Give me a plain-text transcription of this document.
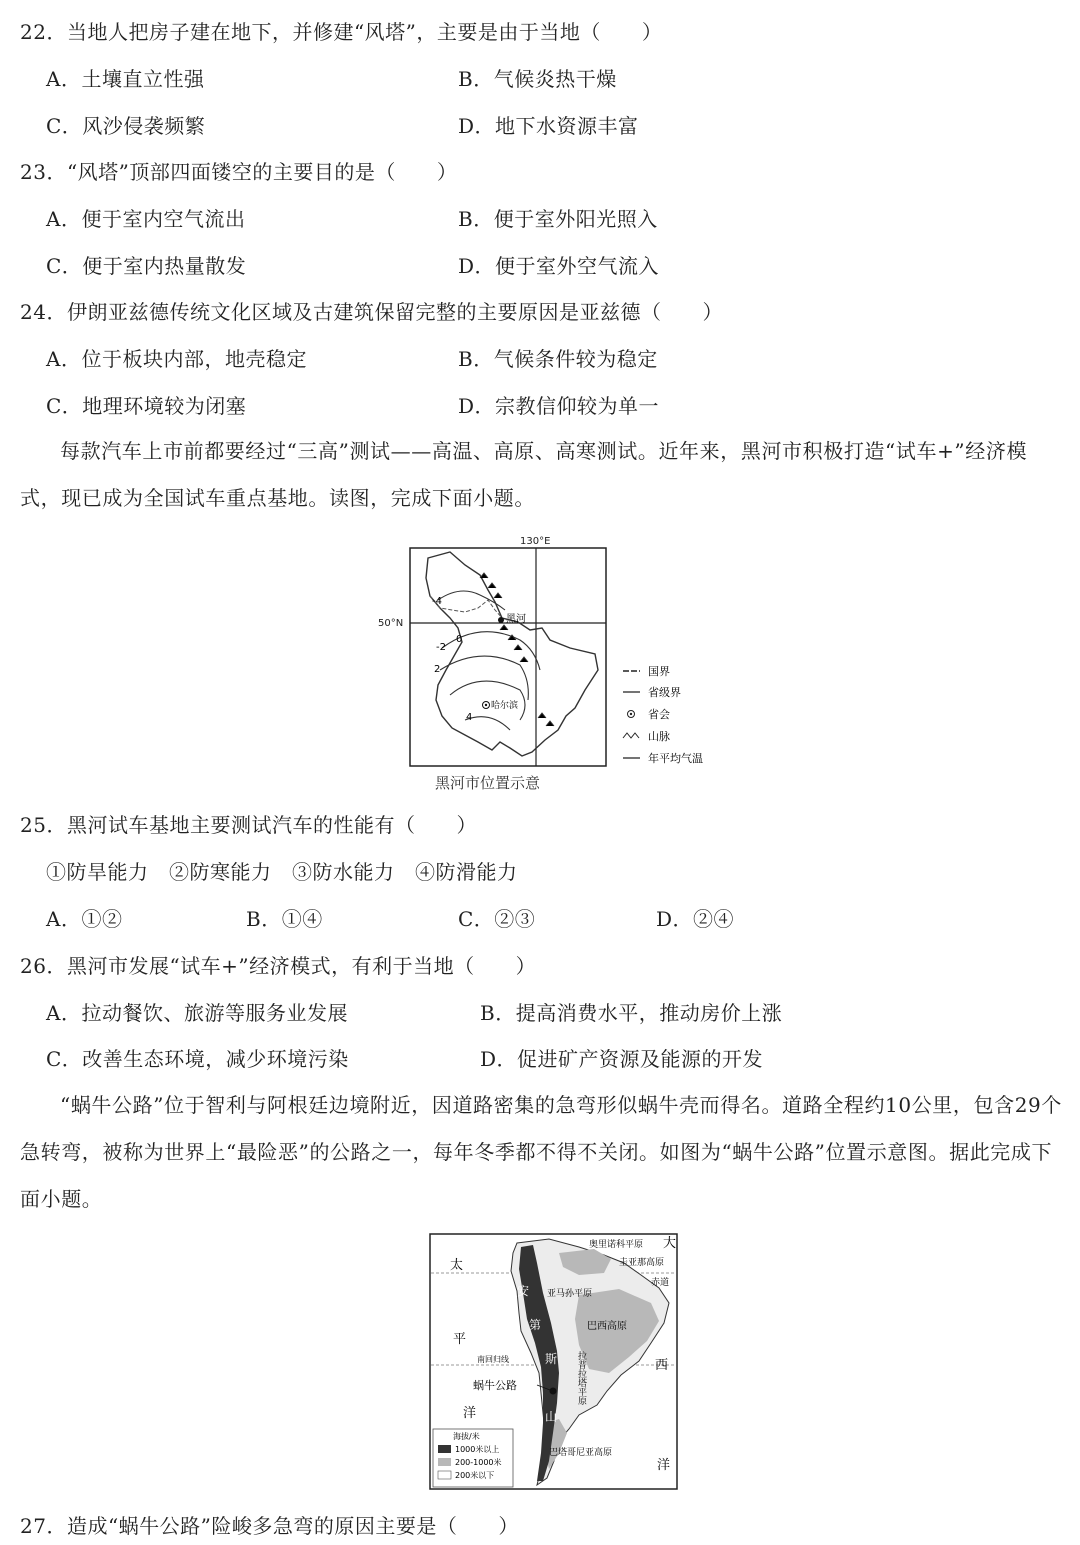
22．当地人把房子建在地下，并修建“风塔”，主要是由于当地（　　）
A．土壤直立性强	B．气候炎热干燥
C．风沙侵袭频繁	D．地下水资源丰富
23．“风塔”顶部四面镂空的主要目的是（　　）
A．便于室内空气流出	B．便于室外阳光照入
C．便于室内热量散发	D．便于室外空气流入
24．伊朗亚兹德传统文化区域及古建筑保留完整的主要原因是亚兹德（　　）
A．位于板块内部，地壳稳定	B．气候条件较为稳定
C．地理环境较为闭塞	D．宗教信仰较为单一
每款汽车上市前都要经过“三高”测试——高温、高原、高寒测试。近年来，黑河市积极打造“试车+”经济模式，现已成为全国试车重点基地。读图，完成下面小题。
130°E
50°N
-4
-2
0
2
4
黑河
哈尔滨
国界
省级界
省会
山脉
年平均气温
黑河市位置示意
25．黑河试车基地主要测试汽车的性能有（　　）
①防旱能力　②防寒能力　③防水能力　④防滑能力
A．①②	B．①④	C．②③	D．②④
26．黑河市发展“试车+”经济模式，有利于当地（　　）
A．拉动餐饮、旅游等服务业发展	B．提高消费水平，推动房价上涨
C．改善生态环境，减少环境污染	D．促进矿产资源及能源的开发
“蜗牛公路”位于智利与阿根廷边境附近，因道路密集的急弯形似蜗牛壳而得名。道路全程约10公里，包含29个急转弯，被称为世界上“最险恶”的公路之一，每年冬季都不得不关闭。如图为“蜗牛公路”位置示意图。据此完成下面小题。
奥里诺科平原
圭亚那高原
赤道
亚马孙平原
巴西高原
南回归线
蜗牛公路
巴塔哥尼亚高原
太
平
洋
大
西
洋
安
第
斯
山
拉普拉塔平原
海拔/米
1000米以上
200-1000米
200米以下
27．造成“蜗牛公路”险峻多急弯的原因主要是（　　）
